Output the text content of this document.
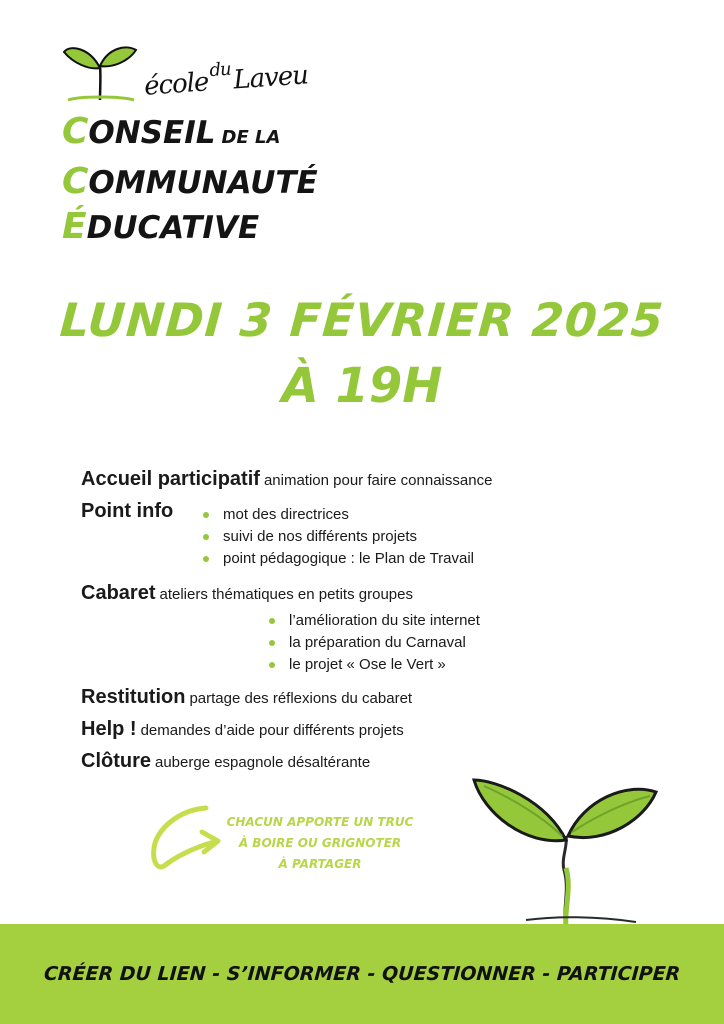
école$^{du}$Laveu
CONSEIL DE LA
COMMUNAUTÉ
ÉDUCATIVE
LUNDI 3 FÉVRIER 2025
À 19H
Accueil participatif animation pour faire connaissance
Point info	mot des directrices
suivi de nos différents projets
point pédagogique : le Plan de Travail
Cabaret ateliers thématiques en petits groupes
l’amélioration du site internet
la préparation du Carnaval
le projet « Ose le Vert »
Restitution partage des réflexions du cabaret
Help ! demandes d’aide pour différents projets
Clôture auberge espagnole désaltérante
CHACUN APPORTE UN TRUC
À BOIRE OU GRIGNOTER
À PARTAGER
CRÉER DU LIEN - S’INFORMER - QUESTIONNER - PARTICIPER
